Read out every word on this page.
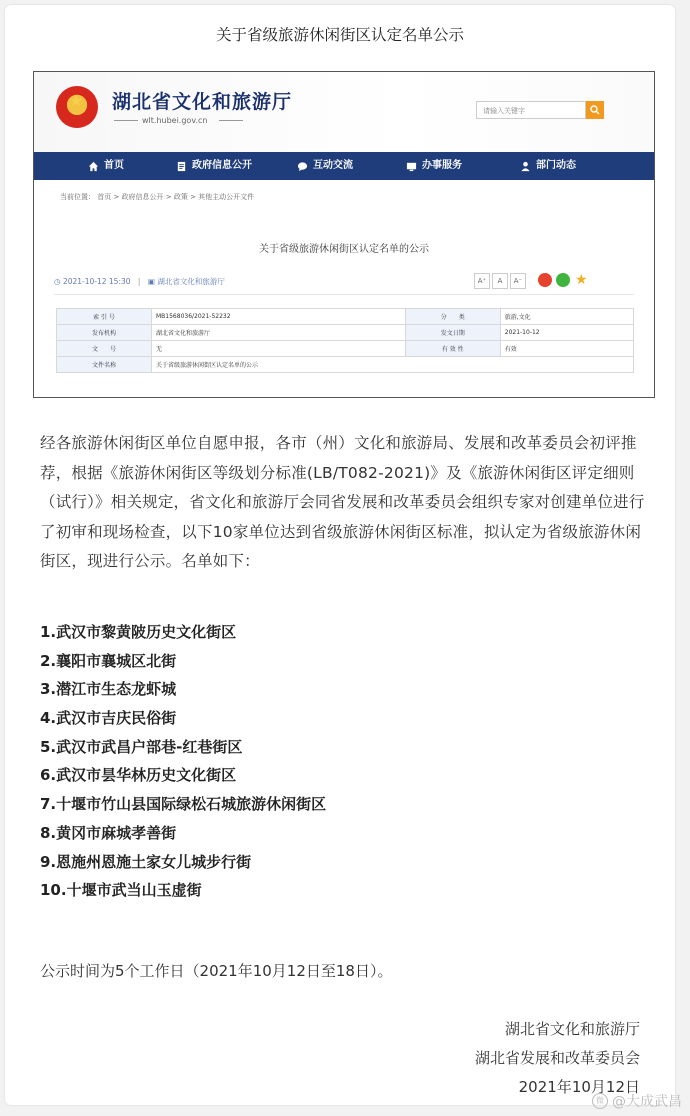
关于省级旅游休闲街区认定名单公示
★ 湖北省文化和旅游厅
wlt.hubei.gov.cn
请输入关键字
首页	政府信息公开	互动交流	办事服务	部门动态
当前位置： 首页 > 政府信息公开 > 政策 > 其他主动公开文件
关于省级旅游休闲街区认定名单的公示
◷ 2021-10-12 15:30 | ▣ 湖北省文化和旅游厅	A⁺	A	A⁻	★
索 引 号	MB1568036/2021-52232	分　　类	旅游,文化
发布机构	湖北省文化和旅游厅	发文日期	2021-10-12
文　　号	无	有 效 性	有效
文件名称	关于省级旅游休闲街区认定名单的公示		
经各旅游休闲街区单位自愿申报，各市（州）文化和旅游局、发展和改革委员会初评推
荐，根据《旅游休闲街区等级划分标准(LB/T082-2021)》及《旅游休闲街区评定细则
（试行）》相关规定，省文化和旅游厅会同省发展和改革委员会组织专家对创建单位进行
了初审和现场检查，以下10家单位达到省级旅游休闲街区标准，拟认定为省级旅游休闲
街区，现进行公示。名单如下：
1.武汉市黎黄陂历史文化街区
2.襄阳市襄城区北街
3.潜江市生态龙虾城
4.武汉市吉庆民俗街
5.武汉市武昌户部巷-红巷街区
6.武汉市昙华林历史文化街区
7.十堰市竹山县国际绿松石城旅游休闲街区
8.黄冈市麻城孝善街
9.恩施州恩施土家女儿城步行街
10.十堰市武当山玉虚街
公示时间为5个工作日（2021年10月12日至18日）。
湖北省文化和旅游厅
湖北省发展和改革委员会
2021年10月12日
微 @大成武昌
